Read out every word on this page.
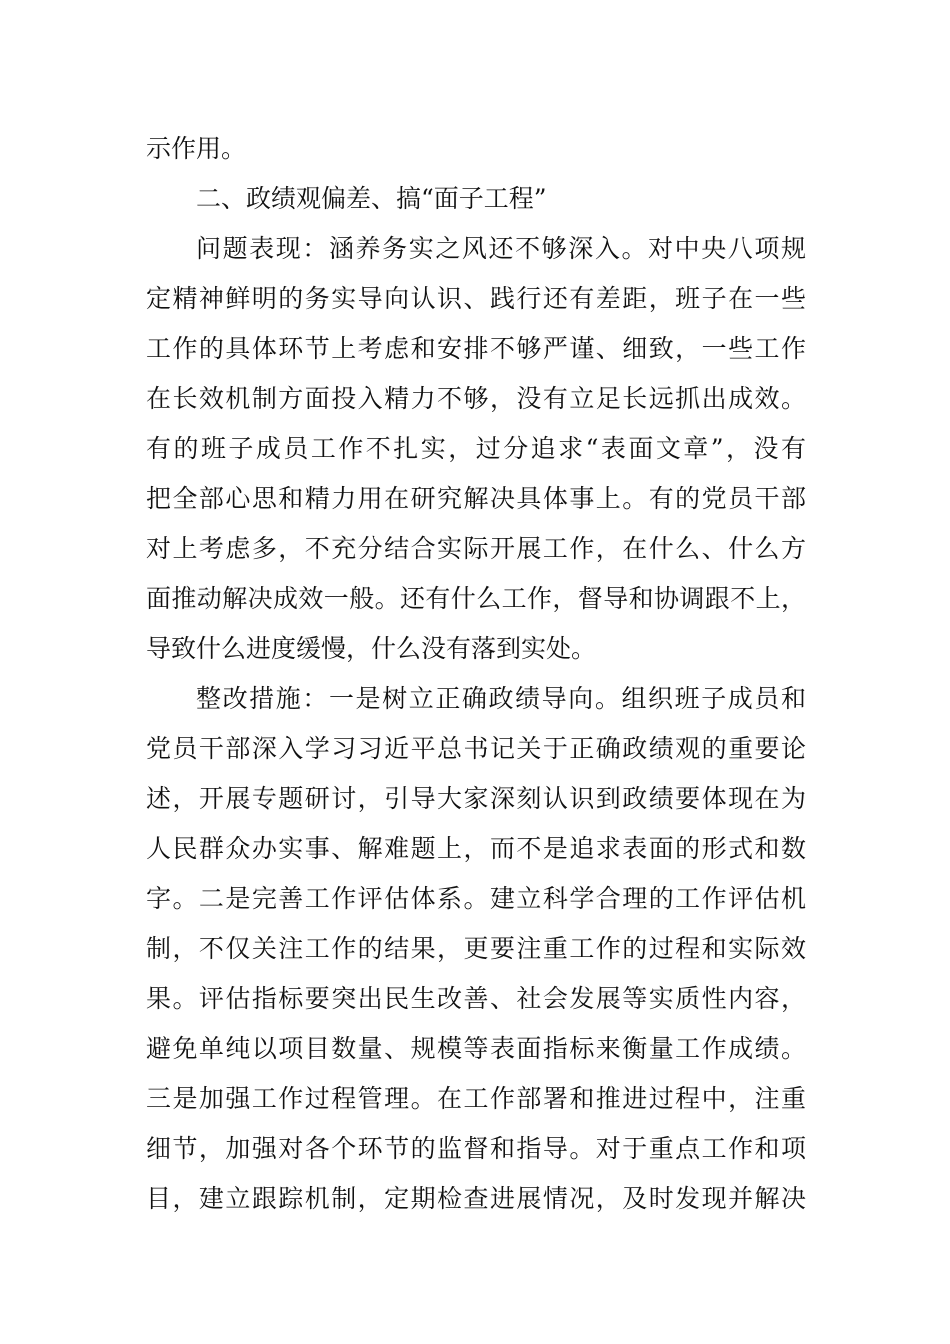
示作用。
二、政绩观偏差、搞“面子工程”
问题表现：涵养务实之风还不够深入。对中央八项规
定精神鲜明的务实导向认识、践行还有差距，班子在一些
工作的具体环节上考虑和安排不够严谨、细致，一些工作
在长效机制方面投入精力不够，没有立足长远抓出成效。
有的班子成员工作不扎实，过分追求“表面文章”，没有
把全部心思和精力用在研究解决具体事上。有的党员干部
对上考虑多，不充分结合实际开展工作，在什么、什么方
面推动解决成效一般。还有什么工作，督导和协调跟不上，
导致什么进度缓慢，什么没有落到实处。
整改措施：一是树立正确政绩导向。组织班子成员和
党员干部深入学习习近平总书记关于正确政绩观的重要论
述，开展专题研讨，引导大家深刻认识到政绩要体现在为
人民群众办实事、解难题上，而不是追求表面的形式和数
字。二是完善工作评估体系。建立科学合理的工作评估机
制，不仅关注工作的结果，更要注重工作的过程和实际效
果。评估指标要突出民生改善、社会发展等实质性内容，
避免单纯以项目数量、规模等表面指标来衡量工作成绩。
三是加强工作过程管理。在工作部署和推进过程中，注重
细节，加强对各个环节的监督和指导。对于重点工作和项
目，建立跟踪机制，定期检查进展情况，及时发现并解决
